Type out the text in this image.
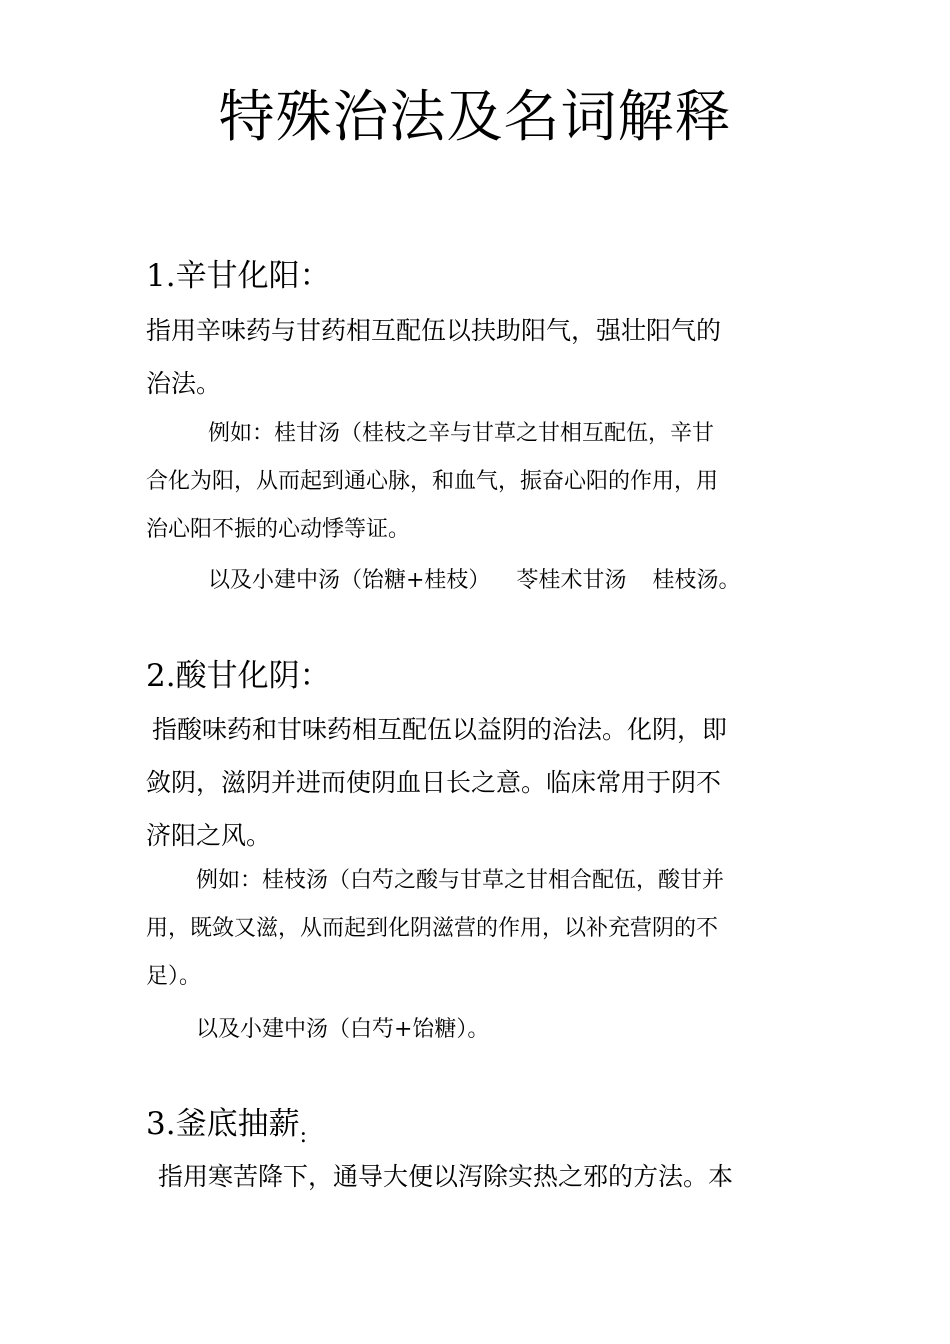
特殊治法及名词解释
1.辛甘化阳：

指用辛味药与甘药相互配伍以扶助阳气，强壮阳气的
治法。

例如：桂甘汤（桂枝之辛与甘草之甘相互配伍，辛甘
合化为阳，从而起到通心脉，和血气，振奋心阳的作用，用
治心阳不振的心动悸等证。

以及小建中汤（饴糖+桂枝） 苓桂术甘汤 桂枝汤。

2.酸甘化阴：

指酸味药和甘味药相互配伍以益阴的治法。化阴，即
敛阴，滋阴并进而使阴血日长之意。临床常用于阴不
济阳之风。

例如：桂枝汤（白芍之酸与甘草之甘相合配伍，酸甘并
用，既敛又滋，从而起到化阴滋营的作用，以补充营阴的不
足）。

以及小建中汤（白芍+饴糖）。

3.釜底抽薪$_:$

指用寒苦降下，通导大便以泻除实热之邪的方法。本
